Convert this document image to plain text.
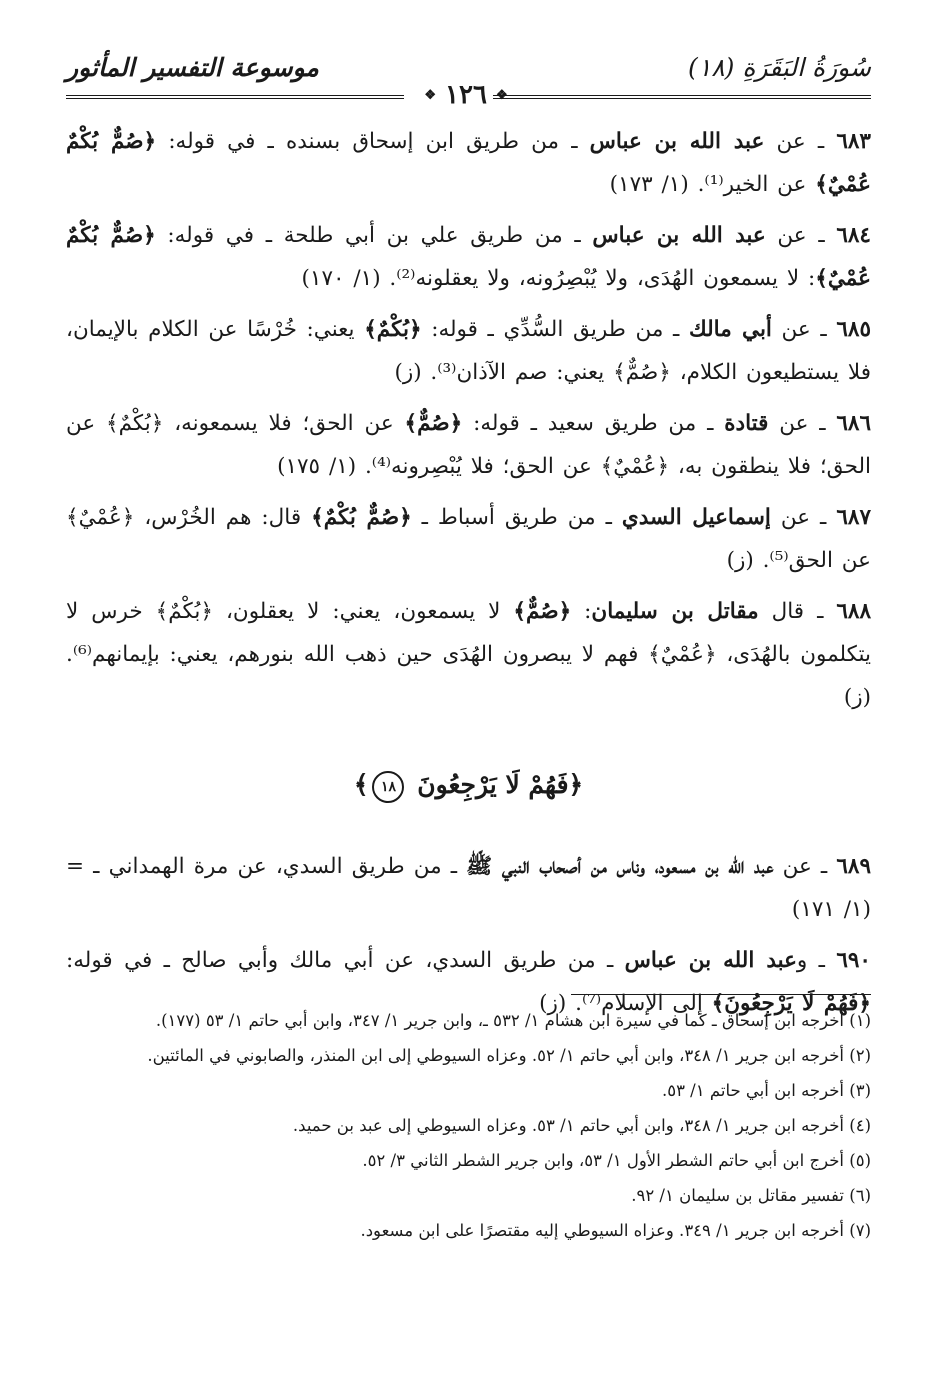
سُورَةُ البَقَرَةِ (١٨)
موسوعة التفسير المأثور
❖ ١٢٦ ❖

٦٨٣ ـ عن عبد الله بن عباس ـ من طريق ابن إسحاق بسنده ـ في قوله: ﴿صُمٌّ بُكْمٌ عُمْيٌ﴾ عن الخير⁽¹⁾. (١/ ١٧٣)

٦٨٤ ـ عن عبد الله بن عباس ـ من طريق علي بن أبي طلحة ـ في قوله: ﴿صُمٌّ بُكْمٌ عُمْيٌ﴾: لا يسمعون الهُدَى، ولا يُبْصِرُونه، ولا يعقلونه⁽²⁾. (١/ ١٧٠)

٦٨٥ ـ عن أبي مالك ـ من طريق السُّدِّي ـ قوله: ﴿بُكْمٌ﴾ يعني: خُرْسًا عن الكلام بالإيمان، فلا يستطيعون الكلام، ﴿صُمٌّ﴾ يعني: صم الآذان⁽³⁾. (ز)

٦٨٦ ـ عن قتادة ـ من طريق سعيد ـ قوله: ﴿صُمٌّ﴾ عن الحق؛ فلا يسمعونه، ﴿بُكْمٌ﴾ عن الحق؛ فلا ينطقون به، ﴿عُمْيٌ﴾ عن الحق؛ فلا يُبْصِرونه⁽⁴⁾. (١/ ١٧٥)

٦٨٧ ـ عن إسماعيل السدي ـ من طريق أسباط ـ ﴿صُمٌّ بُكْمٌ﴾ قال: هم الخُرْس، ﴿عُمْيٌ﴾ عن الحق⁽⁵⁾. (ز)

٦٨٨ ـ قال مقاتل بن سليمان: ﴿صُمٌّ﴾ لا يسمعون، يعني: لا يعقلون، ﴿بُكْمٌ﴾ خرس لا يتكلمون بالهُدَى، ﴿عُمْيٌ﴾ فهم لا يبصرون الهُدَى حين ذهب الله بنورهم، يعني: بإيمانهم⁽⁶⁾. (ز)

﴿فَهُمْ لَا يَرْجِعُونَ ١٨﴾

٦٨٩ ـ عن عبد الله بن مسعود، وناس من أصحاب النبي ﷺ ـ من طريق السدي، عن مرة الهمداني ـ = (١/ ١٧١)

٦٩٠ ـ وعبد الله بن عباس ـ من طريق السدي، عن أبي مالك وأبي صالح ـ في قوله: ﴿فَهُمْ لَا يَرْجِعُونَ﴾ إلى الإسلام⁽⁷⁾. (ز)

(١) أخرجه ابن إسحاق ـ كما في سيرة ابن هشام ١/ ٥٣٢ ـ، وابن جرير ١/ ٣٤٧، وابن أبي حاتم ١/ ٥٣ (١٧٧).

(٢) أخرجه ابن جرير ١/ ٣٤٨، وابن أبي حاتم ١/ ٥٢. وعزاه السيوطي إلى ابن المنذر، والصابوني في المائتين.

(٣) أخرجه ابن أبي حاتم ١/ ٥٣.

(٤) أخرجه ابن جرير ١/ ٣٤٨، وابن أبي حاتم ١/ ٥٣. وعزاه السيوطي إلى عبد بن حميد.

(٥) أخرج ابن أبي حاتم الشطر الأول ١/ ٥٣، وابن جرير الشطر الثاني ٣/ ٥٢.

(٦) تفسير مقاتل بن سليمان ١/ ٩٢.

(٧) أخرجه ابن جرير ١/ ٣٤٩. وعزاه السيوطي إليه مقتصرًا على ابن مسعود.
